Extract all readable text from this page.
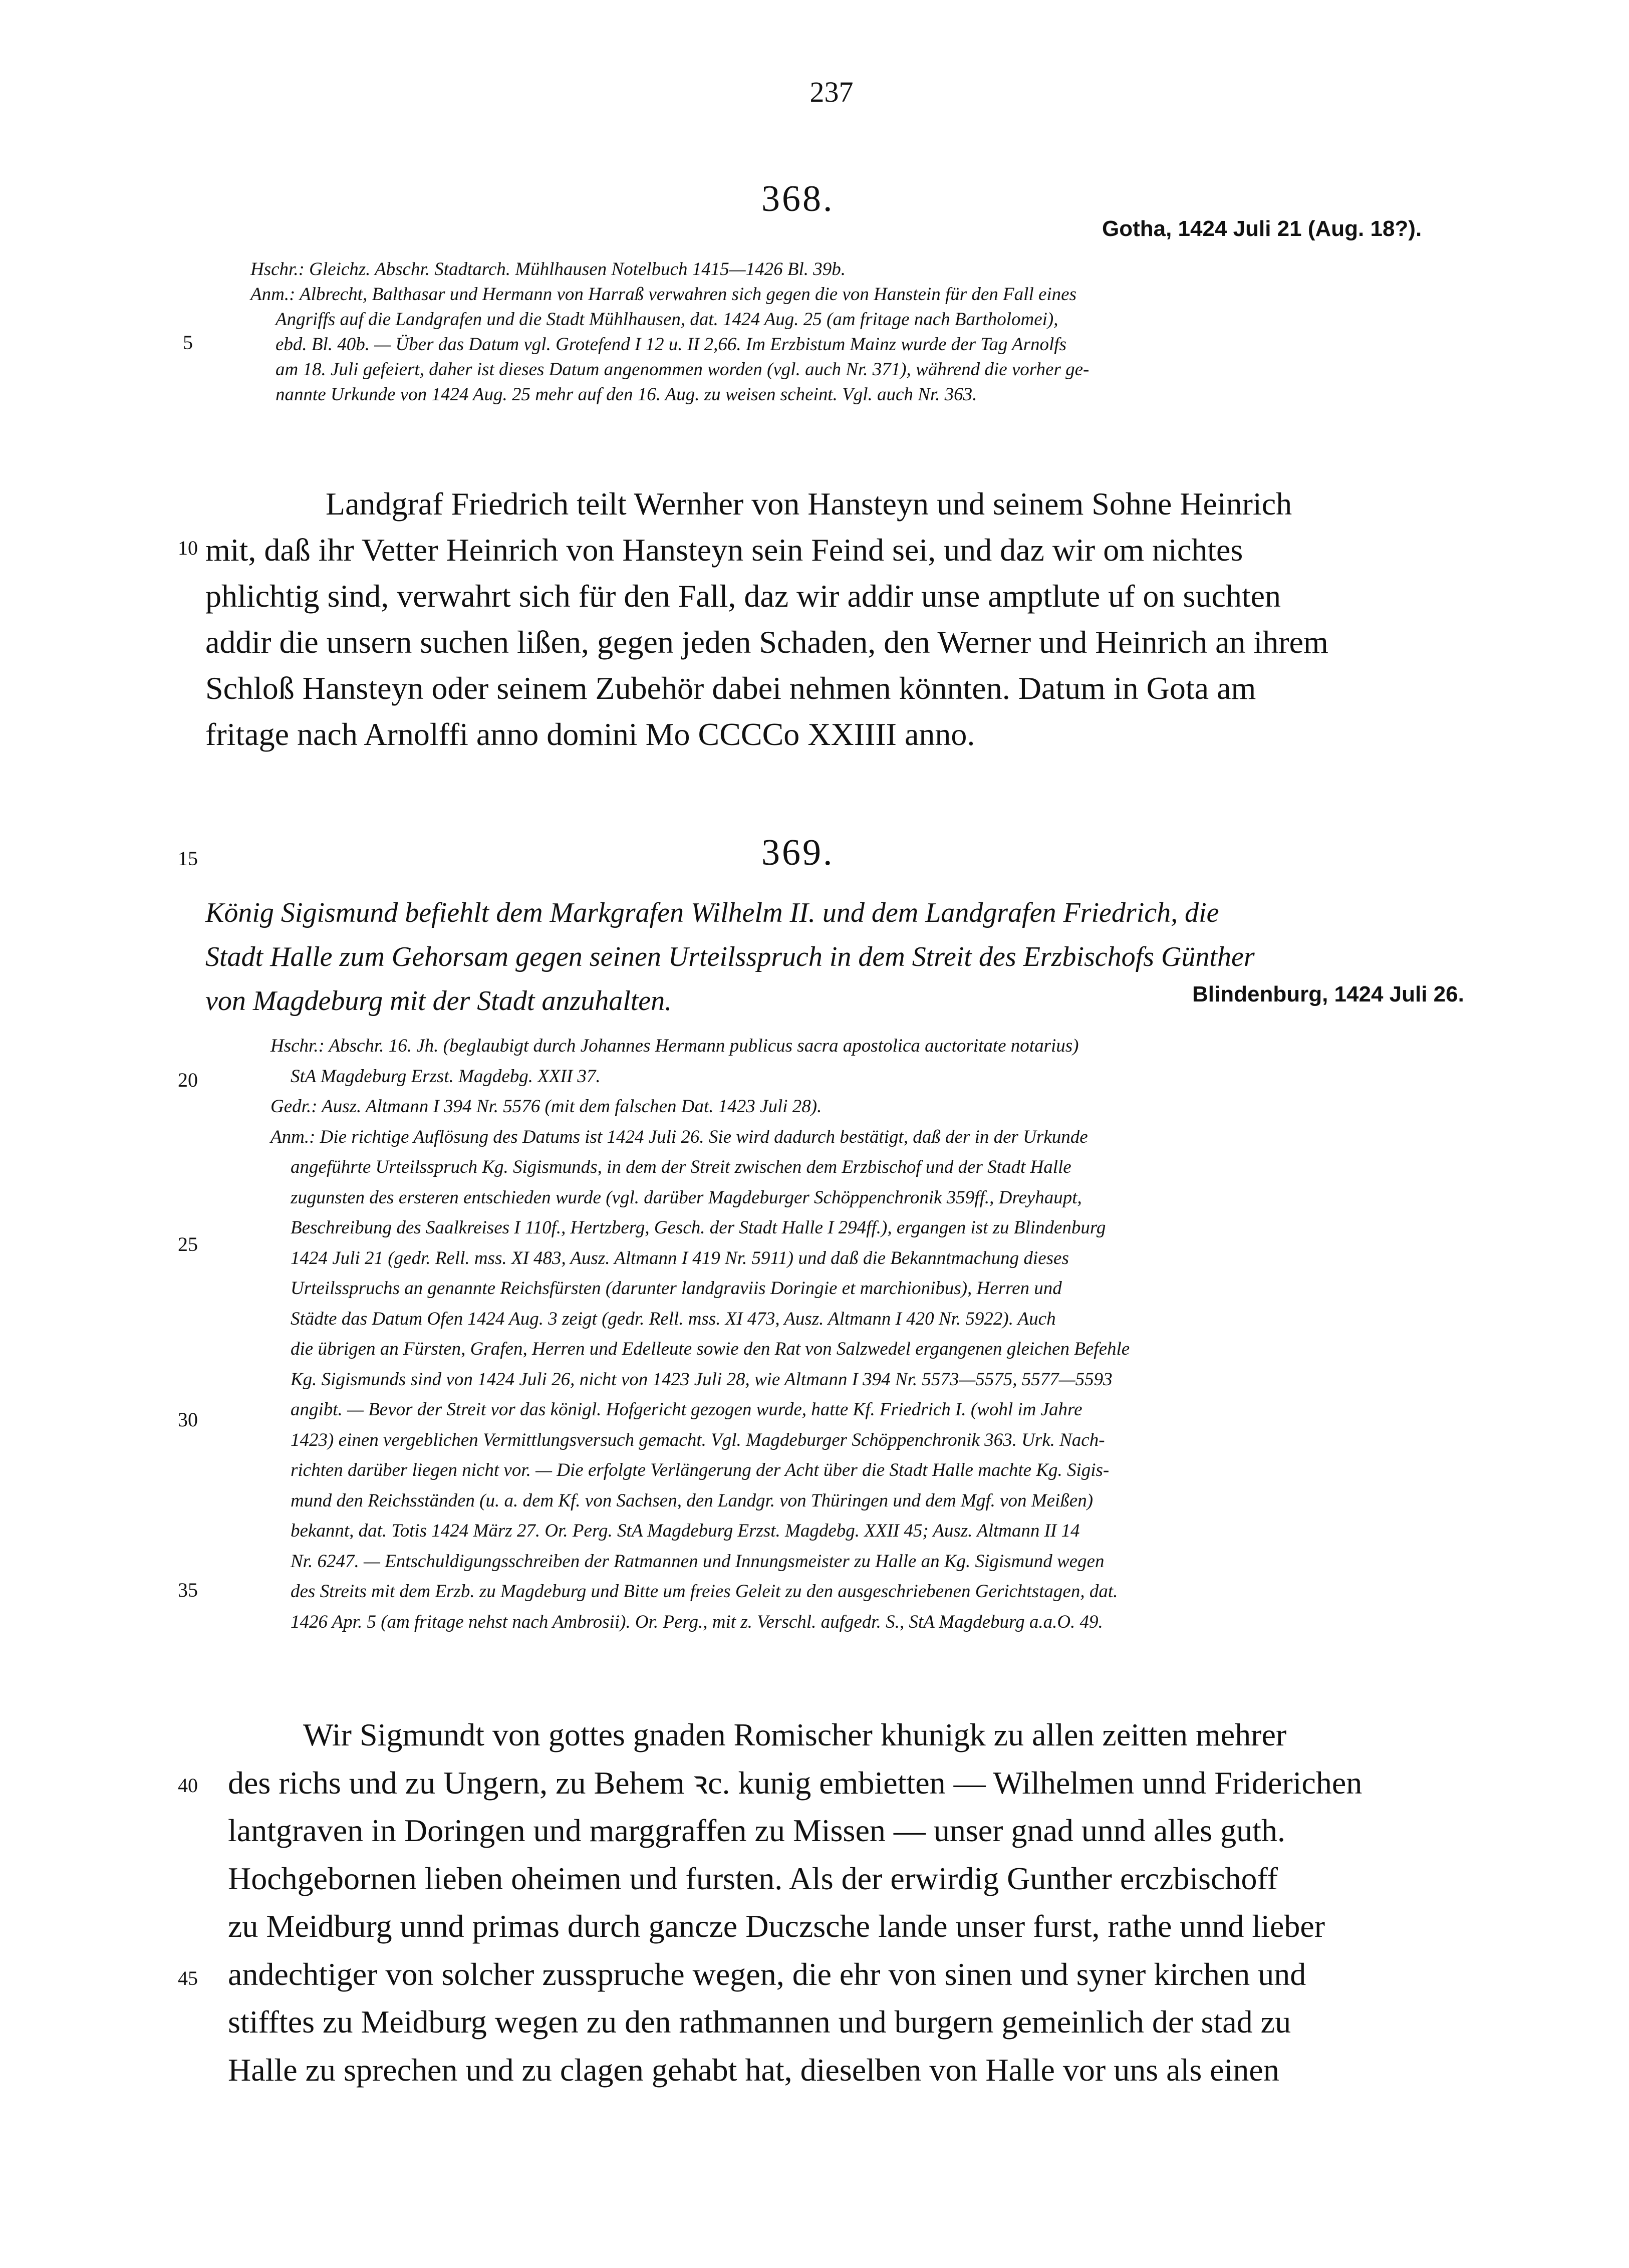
237
368.
Gotha, 1424 Juli 21 (Aug. 18?).
Hschr.: Gleichz. Abschr. Stadtarch. Mühlhausen Notelbuch 1415—1426 Bl. 39b.
Anm.: Albrecht, Balthasar und Hermann von Harraß verwahren sich gegen die von Hanstein für den Fall eines
Angriffs auf die Landgrafen und die Stadt Mühlhausen, dat. 1424 Aug. 25 (am fritage nach Bartholomei),
ebd. Bl. 40b. — Über das Datum vgl. Grotefend I 12 u. II 2,66. Im Erzbistum Mainz wurde der Tag Arnolfs
am 18. Juli gefeiert, daher ist dieses Datum angenommen worden (vgl. auch Nr. 371), während die vorher ge-
nannte Urkunde von 1424 Aug. 25 mehr auf den 16. Aug. zu weisen scheint. Vgl. auch Nr. 363.
Landgraf Friedrich teilt Wernher von Hansteyn und seinem Sohne Heinrich
mit, daß ihr Vetter Heinrich von Hansteyn sein Feind sei, und daz wir om nichtes
phlichtig sind, verwahrt sich für den Fall, daz wir addir unse amptlute uf on suchten
addir die unsern suchen lißen, gegen jeden Schaden, den Werner und Heinrich an ihrem
Schloß Hansteyn oder seinem Zubehör dabei nehmen könnten. Datum in Gota am
fritage nach Arnolffi anno domini Mo CCCCo XXIIII anno.
369.
König Sigismund befiehlt dem Markgrafen Wilhelm II. und dem Landgrafen Friedrich, die
Stadt Halle zum Gehorsam gegen seinen Urteilsspruch in dem Streit des Erzbischofs Günther
von Magdeburg mit der Stadt anzuhalten.	Blindenburg, 1424 Juli 26.
Hschr.: Abschr. 16. Jh. (beglaubigt durch Johannes Hermann publicus sacra apostolica auctoritate notarius)
StA Magdeburg Erzst. Magdebg. XXII 37.
Gedr.: Ausz. Altmann I 394 Nr. 5576 (mit dem falschen Dat. 1423 Juli 28).
Anm.: Die richtige Auflösung des Datums ist 1424 Juli 26. Sie wird dadurch bestätigt, daß der in der Urkunde
angeführte Urteilsspruch Kg. Sigismunds, in dem der Streit zwischen dem Erzbischof und der Stadt Halle
zugunsten des ersteren entschieden wurde (vgl. darüber Magdeburger Schöppenchronik 359ff., Dreyhaupt,
Beschreibung des Saalkreises I 110f., Hertzberg, Gesch. der Stadt Halle I 294ff.), ergangen ist zu Blindenburg
1424 Juli 21 (gedr. Rell. mss. XI 483, Ausz. Altmann I 419 Nr. 5911) und daß die Bekanntmachung dieses
Urteilsspruchs an genannte Reichsfürsten (darunter landgraviis Doringie et marchionibus), Herren und
Städte das Datum Ofen 1424 Aug. 3 zeigt (gedr. Rell. mss. XI 473, Ausz. Altmann I 420 Nr. 5922). Auch
die übrigen an Fürsten, Grafen, Herren und Edelleute sowie den Rat von Salzwedel ergangenen gleichen Befehle
Kg. Sigismunds sind von 1424 Juli 26, nicht von 1423 Juli 28, wie Altmann I 394 Nr. 5573—5575, 5577—5593
angibt. — Bevor der Streit vor das königl. Hofgericht gezogen wurde, hatte Kf. Friedrich I. (wohl im Jahre
1423) einen vergeblichen Vermittlungsversuch gemacht. Vgl. Magdeburger Schöppenchronik 363. Urk. Nach-
richten darüber liegen nicht vor. — Die erfolgte Verlängerung der Acht über die Stadt Halle machte Kg. Sigis-
mund den Reichsständen (u. a. dem Kf. von Sachsen, den Landgr. von Thüringen und dem Mgf. von Meißen)
bekannt, dat. Totis 1424 März 27. Or. Perg. StA Magdeburg Erzst. Magdebg. XXII 45; Ausz. Altmann II 14
Nr. 6247. — Entschuldigungsschreiben der Ratmannen und Innungsmeister zu Halle an Kg. Sigismund wegen
des Streits mit dem Erzb. zu Magdeburg und Bitte um freies Geleit zu den ausgeschriebenen Gerichtstagen, dat.
1426 Apr. 5 (am fritage nehst nach Ambrosii). Or. Perg., mit z. Verschl. aufgedr. S., StA Magdeburg a.a.O. 49.
Wir Sigmundt von gottes gnaden Romischer khunigk zu allen zeitten mehrer
des richs und zu Ungern, zu Behem ꝛc. kunig embietten — Wilhelmen unnd Friderichen
lantgraven in Doringen und marggraffen zu Missen — unser gnad unnd alles guth.
Hochgebornen lieben oheimen und fursten. Als der erwirdig Gunther erczbischoff
zu Meidburg unnd primas durch gancze Duczsche lande unser furst, rathe unnd lieber
andechtiger von solcher zusspruche wegen, die ehr von sinen und syner kirchen und
stifftes zu Meidburg wegen zu den rathmannen und burgern gemeinlich der stad zu
Halle zu sprechen und zu clagen gehabt hat, dieselben von Halle vor uns als einen
5
10
15
20
25
30
35
40
45
